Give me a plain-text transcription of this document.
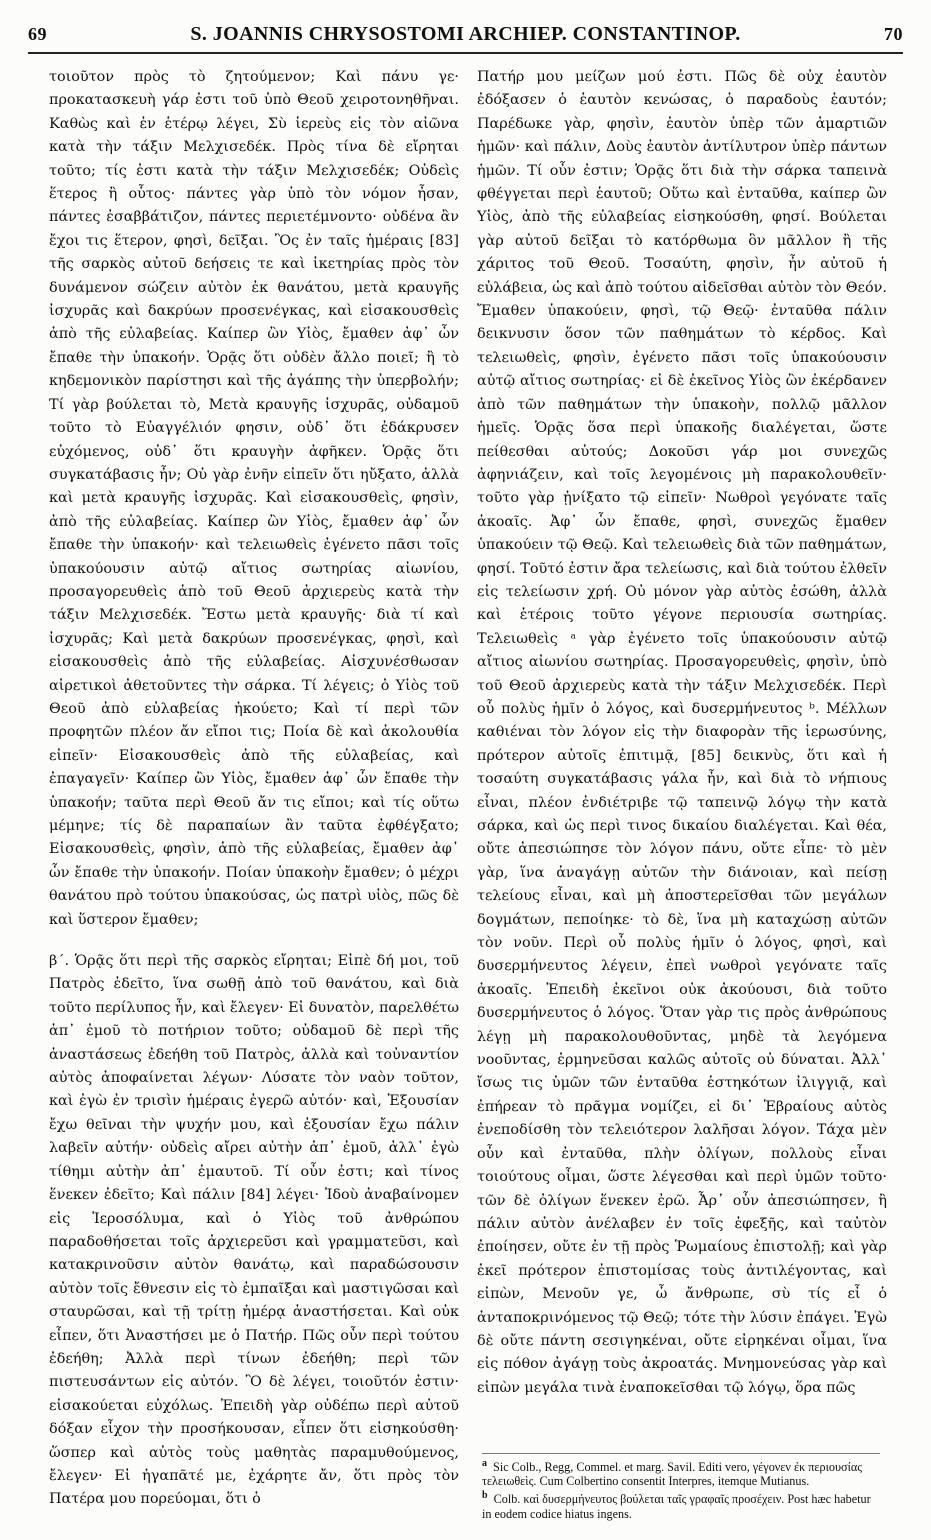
69	S. JOANNIS CHRYSOSTOMI ARCHIEP. CONSTANTINOP.	70

τοιοῦτον πρὸς τὸ ζητούμενον; Καὶ πάνυ γε· προκατασκευὴ γάρ ἐστι τοῦ ὑπὸ Θεοῦ χειροτονηθῆναι. Καθὼς καὶ ἐν ἑτέρῳ λέγει, Σὺ ἱερεὺς εἰς τὸν αἰῶνα κατὰ τὴν τάξιν Μελχισεδέκ. Πρὸς τίνα δὲ εἴρηται τοῦτο; τίς ἐστι κατὰ τὴν τάξιν Μελχισεδέκ; Οὐδεὶς ἕτερος ἢ οὗτος· πάντες γὰρ ὑπὸ τὸν νόμον ἦσαν, πάντες ἐσαββάτιζον, πάντες περιετέμνοντο· οὐδένα ἂν ἔχοι τις ἕτερον, φησὶ, δεῖξαι. Ὃς ἐν ταῖς ἡμέραις [83] τῆς σαρκὸς αὐτοῦ δεήσεις τε καὶ ἱκετηρίας πρὸς τὸν δυνάμενον σώζειν αὐτὸν ἐκ θανάτου, μετὰ κραυγῆς ἰσχυρᾶς καὶ δακρύων προσενέγκας, καὶ εἰσακουσθεὶς ἀπὸ τῆς εὐλαβείας. Καίπερ ὢν Υἱὸς, ἔμαθεν ἀφ᾽ ὧν ἔπαθε τὴν ὑπακοήν. Ὁρᾷς ὅτι οὐδὲν ἄλλο ποιεῖ; ἢ τὸ κηδεμονικὸν παρίστησι καὶ τῆς ἀγάπης τὴν ὑπερβολήν; Τί γὰρ βούλεται τὸ, Μετὰ κραυγῆς ἰσχυρᾶς, οὐδαμοῦ τοῦτο τὸ Εὐαγγέλιόν φησιν, οὐδ᾽ ὅτι ἐδάκρυσεν εὐχόμενος, οὐδ᾽ ὅτι κραυγὴν ἀφῆκεν. Ὁρᾷς ὅτι συγκατάβασις ἦν; Οὐ γὰρ ἐνῆν εἰπεῖν ὅτι ηὔξατο, ἀλλὰ καὶ μετὰ κραυγῆς ἰσχυρᾶς. Καὶ εἰσακουσθεὶς, φησὶν, ἀπὸ τῆς εὐλαβείας. Καίπερ ὢν Υἱὸς, ἔμαθεν ἀφ᾽ ὧν ἔπαθε τὴν ὑπακοήν· καὶ τελειωθεὶς ἐγένετο πᾶσι τοῖς ὑπακούουσιν αὐτῷ αἴτιος σωτηρίας αἰωνίου, προσαγορευθεὶς ἀπὸ τοῦ Θεοῦ ἀρχιερεὺς κατὰ τὴν τάξιν Μελχισεδέκ. Ἔστω μετὰ κραυγῆς· διὰ τί καὶ ἰσχυρᾶς; Καὶ μετὰ δακρύων προσενέγκας, φησὶ, καὶ εἰσακουσθεὶς ἀπὸ τῆς εὐλαβείας. Αἰσχυνέσθωσαν αἱρετικοὶ ἀθετοῦντες τὴν σάρκα. Τί λέγεις; ὁ Υἱὸς τοῦ Θεοῦ ἀπὸ εὐλαβείας ἠκούετο; Καὶ τί περὶ τῶν προφητῶν πλέον ἄν εἴποι τις; Ποία δὲ καὶ ἀκολουθία εἰπεῖν· Εἰσακουσθεὶς ἀπὸ τῆς εὐλαβείας, καὶ ἐπαγαγεῖν· Καίπερ ὢν Υἱὸς, ἔμαθεν ἀφ᾽ ὧν ἔπαθε τὴν ὑπακοήν; ταῦτα περὶ Θεοῦ ἄν τις εἴποι; καὶ τίς οὕτω μέμηνε; τίς δὲ παραπαίων ἂν ταῦτα ἐφθέγξατο; Εἰσακουσθεὶς, φησὶν, ἀπὸ τῆς εὐλαβείας, ἔμαθεν ἀφ᾽ ὧν ἔπαθε τὴν ὑπακοήν. Ποίαν ὑπακοὴν ἔμαθεν; ὁ μέχρι θανάτου πρὸ τούτου ὑπακούσας, ὡς πατρὶ υἱὸς, πῶς δὲ καὶ ὕστερον ἔμαθεν;

β΄. Ὁρᾷς ὅτι περὶ τῆς σαρκὸς εἴρηται; Εἰπὲ δή μοι, τοῦ Πατρὸς ἐδεῖτο, ἵνα σωθῇ ἀπὸ τοῦ θανάτου, καὶ διὰ τοῦτο περίλυπος ἦν, καὶ ἔλεγεν· Εἰ δυνατὸν, παρελθέτω ἀπ᾽ ἐμοῦ τὸ ποτήριον τοῦτο; οὐδαμοῦ δὲ περὶ τῆς ἀναστάσεως ἐδεήθη τοῦ Πατρὸς, ἀλλὰ καὶ τοὐναντίον αὐτὸς ἀποφαίνεται λέγων· Λύσατε τὸν ναὸν τοῦτον, καὶ ἐγὼ ἐν τρισὶν ἡμέραις ἐγερῶ αὐτόν· καὶ, Ἐξουσίαν ἔχω θεῖναι τὴν ψυχήν μου, καὶ ἐξουσίαν ἔχω πάλιν λαβεῖν αὐτήν· οὐδεὶς αἴρει αὐτὴν ἀπ᾽ ἐμοῦ, ἀλλ᾽ ἐγὼ τίθημι αὐτὴν ἀπ᾽ ἐμαυτοῦ. Τί οὖν ἐστι; καὶ τίνος ἕνεκεν ἐδεῖτο; Καὶ πάλιν [84] λέγει· Ἰδοὺ ἀναβαίνομεν εἰς Ἱεροσόλυμα, καὶ ὁ Υἱὸς τοῦ ἀνθρώπου παραδοθήσεται τοῖς ἀρχιερεῦσι καὶ γραμματεῦσι, καὶ κατακρινοῦσιν αὐτὸν θανάτῳ, καὶ παραδώσουσιν αὐτὸν τοῖς ἔθνεσιν εἰς τὸ ἐμπαῖξαι καὶ μαστιγῶσαι καὶ σταυρῶσαι, καὶ τῇ τρίτῃ ἡμέρᾳ ἀναστήσεται. Καὶ οὐκ εἶπεν, ὅτι Ἀναστήσει με ὁ Πατήρ. Πῶς οὖν περὶ τούτου ἐδεήθη; Ἀλλὰ περὶ τίνων ἐδεήθη; περὶ τῶν πιστευσάντων εἰς αὐτόν. Ὃ δὲ λέγει, τοιοῦτόν ἐστιν· εἰσακούεται εὐχόλως. Ἐπειδὴ γὰρ οὐδέπω περὶ αὐτοῦ δόξαν εἶχον τὴν προσήκουσαν, εἶπεν ὅτι εἰσηκούσθη· ὥσπερ καὶ αὐτὸς τοὺς μαθητὰς παραμυθούμενος, ἔλεγεν· Εἰ ἠγαπᾶτέ με, ἐχάρητε ἄν, ὅτι πρὸς τὸν Πατέρα μου πορεύομαι, ὅτι ὁ

Πατήρ μου μείζων μού ἐστι. Πῶς δὲ οὐχ ἑαυτὸν ἐδόξασεν ὁ ἑαυτὸν κενώσας, ὁ παραδοὺς ἑαυτόν; Παρέδωκε γὰρ, φησὶν, ἑαυτὸν ὑπὲρ τῶν ἁμαρτιῶν ἡμῶν· καὶ πάλιν, Δοὺς ἑαυτὸν ἀντίλυτρον ὑπὲρ πάντων ἡμῶν. Τί οὖν ἐστιν; Ὁρᾷς ὅτι διὰ τὴν σάρκα ταπεινὰ φθέγγεται περὶ ἑαυτοῦ; Οὕτω καὶ ἐνταῦθα, καίπερ ὢν Υἱὸς, ἀπὸ τῆς εὐλαβείας εἰσηκούσθη, φησί. Βούλεται γὰρ αὐτοῦ δεῖξαι τὸ κατόρθωμα ὃν μᾶλλον ἢ τῆς χάριτος τοῦ Θεοῦ. Τοσαύτη, φησὶν, ἦν αὐτοῦ ἡ εὐλάβεια, ὡς καὶ ἀπὸ τούτου αἰδεῖσθαι αὐτὸν τὸν Θεόν. Ἔμαθεν ὑπακούειν, φησὶ, τῷ Θεῷ· ἐνταῦθα πάλιν δεικνυσιν ὅσον τῶν παθημάτων τὸ κέρδος. Καὶ τελειωθεὶς, φησὶν, ἐγένετο πᾶσι τοῖς ὑπακούουσιν αὐτῷ αἴτιος σωτηρίας· εἰ δὲ ἐκεῖνος Υἱὸς ὢν ἐκέρδανεν ἀπὸ τῶν παθημάτων τὴν ὑπακοὴν, πολλῷ μᾶλλον ἡμεῖς. Ὁρᾷς ὅσα περὶ ὑπακοῆς διαλέγεται, ὥστε πείθεσθαι αὐτούς; Δοκοῦσι γάρ μοι συνεχῶς ἀφηνιάζειν, καὶ τοῖς λεγομένοις μὴ παρακολουθεῖν· τοῦτο γὰρ ᾐνίξατο τῷ εἰπεῖν· Νωθροὶ γεγόνατε ταῖς ἀκοαῖς. Ἀφ᾽ ὧν ἔπαθε, φησὶ, συνεχῶς ἔμαθεν ὑπακούειν τῷ Θεῷ. Καὶ τελειωθεὶς διὰ τῶν παθημάτων, φησί. Τοῦτό ἐστιν ἄρα τελείωσις, καὶ διὰ τούτου ἐλθεῖν εἰς τελείωσιν χρή. Οὐ μόνον γὰρ αὐτὸς ἐσώθη, ἀλλὰ καὶ ἑτέροις τοῦτο γέγονε περιουσία σωτηρίας. Τελειωθεὶς ᵃ γὰρ ἐγένετο τοῖς ὑπακούουσιν αὐτῷ αἴτιος αἰωνίου σωτηρίας. Προσαγορευθεὶς, φησὶν, ὑπὸ τοῦ Θεοῦ ἀρχιερεὺς κατὰ τὴν τάξιν Μελχισεδέκ. Περὶ οὗ πολὺς ἡμῖν ὁ λόγος, καὶ δυσερμήνευτος ᵇ. Μέλλων καθιέναι τὸν λόγον εἰς τὴν διαφορὰν τῆς ἱερωσύνης, πρότερον αὐτοῖς ἐπιτιμᾷ, [85] δεικνὺς, ὅτι καὶ ἡ τοσαύτη συγκατάβασις γάλα ἦν, καὶ διὰ τὸ νήπιους εἶναι, πλέον ἐνδιέτριβε τῷ ταπεινῷ λόγῳ τὴν κατὰ σάρκα, καὶ ὡς περὶ τινος δικαίου διαλέγεται. Καὶ θέα, οὔτε ἀπεσιώπησε τὸν λόγον πάνυ, οὔτε εἶπε· τὸ μὲν γὰρ, ἵνα ἀναγάγῃ αὐτῶν τὴν διάνοιαν, καὶ πείσῃ τελείους εἶναι, καὶ μὴ ἀποστερεῖσθαι τῶν μεγάλων δογμάτων, πεποίηκε· τὸ δὲ, ἵνα μὴ καταχώσῃ αὐτῶν τὸν νοῦν. Περὶ οὗ πολὺς ἡμῖν ὁ λόγος, φησὶ, καὶ δυσερμήνευτος λέγειν, ἐπεὶ νωθροὶ γεγόνατε ταῖς ἀκοαῖς. Ἐπειδὴ ἐκεῖνοι οὐκ ἀκούουσι, διὰ τοῦτο δυσερμήνευτος ὁ λόγος. Ὅταν γὰρ τις πρὸς ἀνθρώπους λέγῃ μὴ παρακολουθοῦντας, μηδὲ τὰ λεγόμενα νοοῦντας, ἑρμηνεῦσαι καλῶς αὐτοῖς οὐ δύναται. Ἀλλ᾽ ἴσως τις ὑμῶν τῶν ἐνταῦθα ἑστηκότων ἰλιγγιᾷ, καὶ ἐπήρεαν τὸ πρᾶγμα νομίζει, εἰ δι᾽ Ἑβραίους αὐτὸς ἐνεποδίσθη τὸν τελειότερον λαλῆσαι λόγον. Τάχα μὲν οὖν καὶ ἐνταῦθα, πλὴν ὀλίγων, πολλοὺς εἶναι τοιούτους οἶμαι, ὥστε λέγεσθαι καὶ περὶ ὑμῶν τοῦτο· τῶν δὲ ὀλίγων ἕνεκεν ἐρῶ. Ἆρ᾽ οὖν ἀπεσιώπησεν, ἢ πάλιν αὐτὸν ἀνέλαβεν ἐν τοῖς ἐφεξῆς, καὶ ταὐτὸν ἐποίησεν, οὔτε ἐν τῇ πρὸς Ῥωμαίους ἐπιστολῇ; καὶ γὰρ ἐκεῖ πρότερον ἐπιστομίσας τοὺς ἀντιλέγοντας, καὶ εἰπὼν, Μενοῦν γε, ὦ ἄνθρωπε, σὺ τίς εἶ ὁ ἀνταποκρινόμενος τῷ Θεῷ; τότε τὴν λύσιν ἐπάγει. Ἐγὼ δὲ οὔτε πάντη σεσιγηκέναι, οὔτε εἰρηκέναι οἶμαι, ἵνα εἰς πόθον ἀγάγῃ τοὺς ἀκροατάς. Μνημονεύσας γὰρ καὶ εἰπὼν μεγάλα τινὰ ἐναποκεῖσθαι τῷ λόγῳ, ὅρα πῶς

$^a$ Sic Colb., Regg, Commel. et marg. Savil. Editi vero, γέγονεν ἐκ περιουσίας τελειωθεὶς. Cum Colbertino consentit Interpres, itemque Mutianus.

$^b$ Colb. καὶ δυσερμήνευτος βούλεται ταῖς γραφαῖς προσέχειν. Post hæc habetur in eodem codice hiatus ingens.
